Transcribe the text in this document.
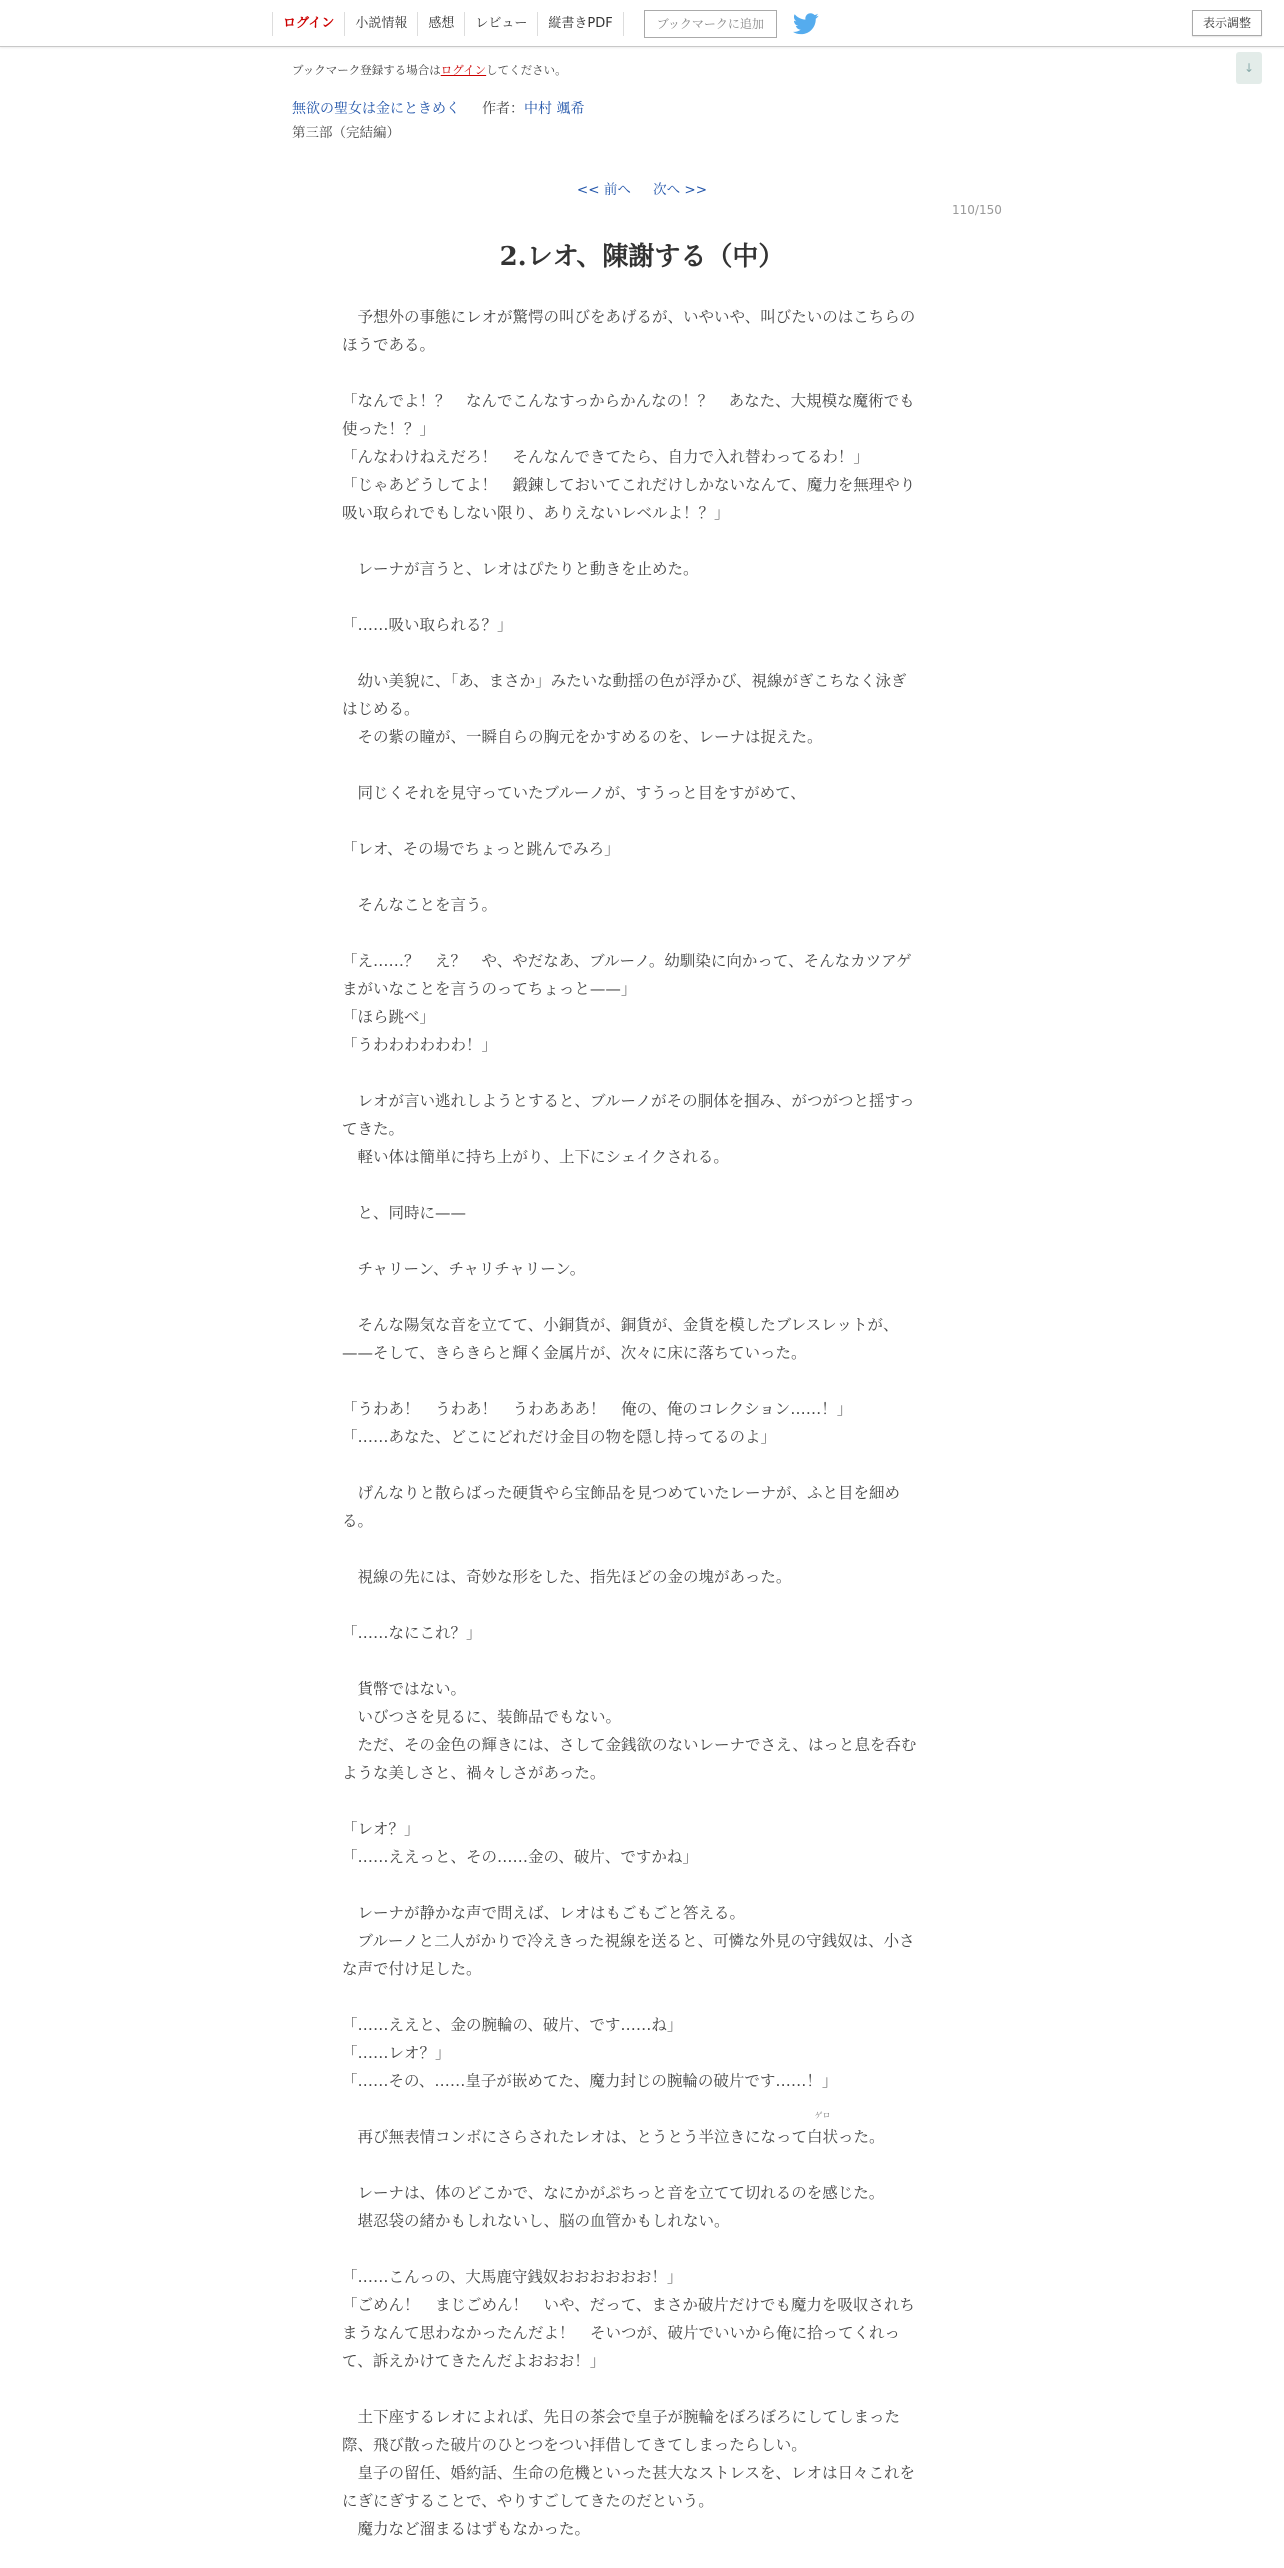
ログイン	小説情報	感想	レビュー	縦書きPDF	ブックマークに追加	表示調整
↓
ブックマーク登録する場合はログインしてください。
無欲の聖女は金にときめく 作者：中村 颯希
第三部（完結編）
<< 前へ 次へ >>
110/150
2.レオ、陳謝する（中）
　予想外の事態にレオが驚愕の叫びをあげるが、いやいや、叫びたいのはこちらの
ほうである。
「なんでよ！？　なんでこんなすっからかんなの！？　あなた、大規模な魔術でも
使った！？」
「んなわけねえだろ！　そんなんできてたら、自力で入れ替わってるわ！」
「じゃあどうしてよ！　鍛錬しておいてこれだけしかないなんて、魔力を無理やり
吸い取られでもしない限り、ありえないレベルよ！？」
　レーナが言うと、レオはぴたりと動きを止めた。
「……吸い取られる？」
　幼い美貌に、「あ、まさか」みたいな動揺の色が浮かび、視線がぎこちなく泳ぎ
はじめる。
　その紫の瞳が、一瞬自らの胸元をかすめるのを、レーナは捉えた。
　同じくそれを見守っていたブルーノが、すうっと目をすがめて、
「レオ、その場でちょっと跳んでみろ」
　そんなことを言う。
「え……？　え？　や、やだなあ、ブルーノ。幼馴染に向かって、そんなカツアゲ
まがいなことを言うのってちょっと——」
「ほら跳べ」
「うわわわわわわ！」
　レオが言い逃れしようとすると、ブルーノがその胴体を掴み、がつがつと揺すっ
てきた。
　軽い体は簡単に持ち上がり、上下にシェイクされる。
　と、同時に——
　チャリーン、チャリチャリーン。
　そんな陽気な音を立てて、小銅貨が、銅貨が、金貨を模したブレスレットが、
——そして、きらきらと輝く金属片が、次々に床に落ちていった。
「うわあ！　うわあ！　うわあああ！　俺の、俺のコレクション……！」
「……あなた、どこにどれだけ金目の物を隠し持ってるのよ」
　げんなりと散らばった硬貨やら宝飾品を見つめていたレーナが、ふと目を細め
る。
　視線の先には、奇妙な形をした、指先ほどの金の塊があった。
「……なにこれ？」
　貨幣ではない。
　いびつさを見るに、装飾品でもない。
　ただ、その金色の輝きには、さして金銭欲のないレーナでさえ、はっと息を呑む
ような美しさと、禍々しさがあった。
「レオ？」
「……ええっと、その……金の、破片、ですかね」
　レーナが静かな声で問えば、レオはもごもごと答える。
　ブルーノと二人がかりで冷えきった視線を送ると、可憐な外見の守銭奴は、小さ
な声で付け足した。
「……ええと、金の腕輪の、破片、です……ね」
「……レオ？」
「……その、……皇子が嵌めてた、魔力封じの腕輪の破片です……！」
　再び無表情コンボにさらされたレオは、とうとう半泣きになって
ゲロ
白状った。
　レーナは、体のどこかで、なにかがぷちっと音を立てて切れるのを感じた。
　堪忍袋の緒かもしれないし、脳の血管かもしれない。
「……こんっの、大馬鹿守銭奴おおおおおお！」
「ごめん！　まじごめん！　いや、だって、まさか破片だけでも魔力を吸収されち
まうなんて思わなかったんだよ！　そいつが、破片でいいから俺に拾ってくれっ
て、訴えかけてきたんだよおおお！」
　土下座するレオによれば、先日の茶会で皇子が腕輪をぼろぼろにしてしまった
際、飛び散った破片のひとつをつい拝借してきてしまったらしい。
　皇子の留任、婚約話、生命の危機といった甚大なストレスを、レオは日々これを
にぎにぎすることで、やりすごしてきたのだという。
　魔力など溜まるはずもなかった。
